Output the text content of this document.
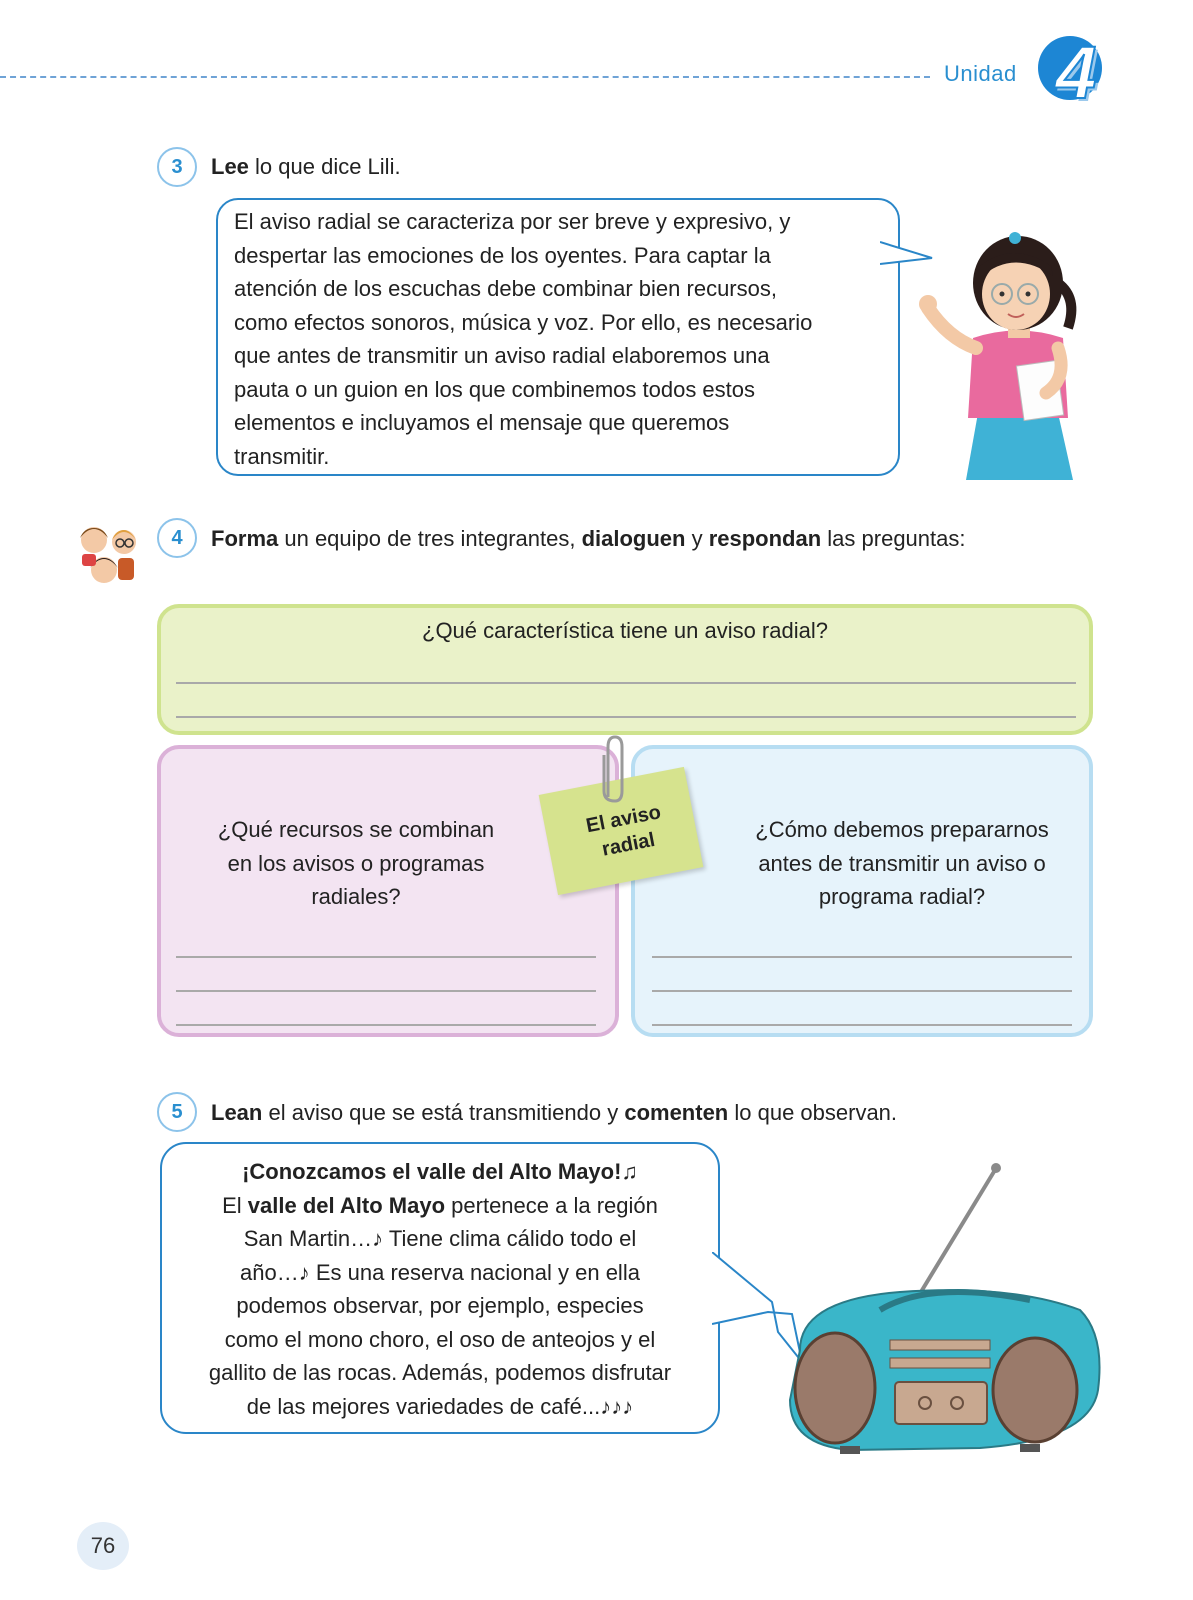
Unidad 4
3	Lee lo que dice Lili.
El aviso radial se caracteriza por ser breve y expresivo, y
despertar las emociones de los oyentes. Para captar la
atención de los escuchas debe combinar bien recursos,
como efectos sonoros, música y voz. Por ello, es necesario
que antes de transmitir un aviso radial elaboremos una
pauta o un guion en los que combinemos todos estos
elementos e incluyamos el mensaje que queremos
transmitir.
4	Forma un equipo de tres integrantes, dialoguen y respondan las preguntas:
¿Qué característica tiene un aviso radial?
¿Qué recursos se combinan
en los avisos o programas
radiales?
¿Cómo debemos prepararnos
antes de transmitir un aviso o
programa radial?
El aviso
radial
5	Lean el aviso que se está transmitiendo y comenten lo que observan.
¡Conozcamos el valle del Alto Mayo!♫
El valle del Alto Mayo pertenece a la región
San Martin…♪ Tiene clima cálido todo el
año…♪ Es una reserva nacional y en ella
podemos observar, por ejemplo, especies
como el mono choro, el oso de anteojos y el
gallito de las rocas. Además, podemos disfrutar
de las mejores variedades de café...♪♪♪
76
